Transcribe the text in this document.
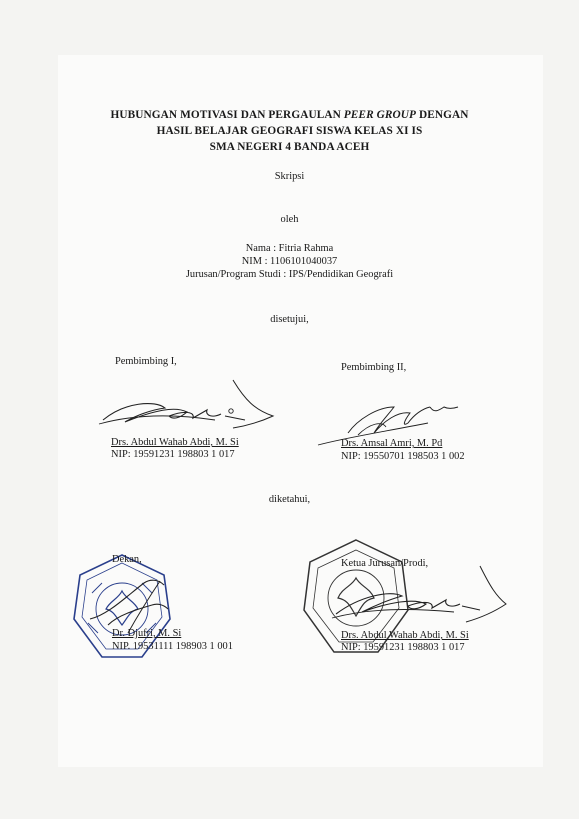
HUBUNGAN MOTIVASI DAN PERGAULAN PEER GROUP DENGAN
HASIL BELAJAR GEOGRAFI SISWA KELAS XI IS
SMA NEGERI 4 BANDA ACEH
Skripsi
oleh
Nama : Fitria Rahma
NIM : 1106101040037
Jurusan/Program Studi : IPS/Pendidikan Geografi
disetujui,
Pembimbing I,
Drs. Abdul Wahab Abdi, M. Si
NIP: 19591231 198803 1 017
Pembimbing II,
Drs. Amsal Amri, M. Pd
NIP: 19550701 198503 1 002
diketahui,
Dekan,
Dr. Djufri, M. Si
NIP. 19531111 198903 1 001
Ketua Jurusan/Prodi,
Drs. Abdul Wahab Abdi, M. Si
NIP: 19591231 198803 1 017
